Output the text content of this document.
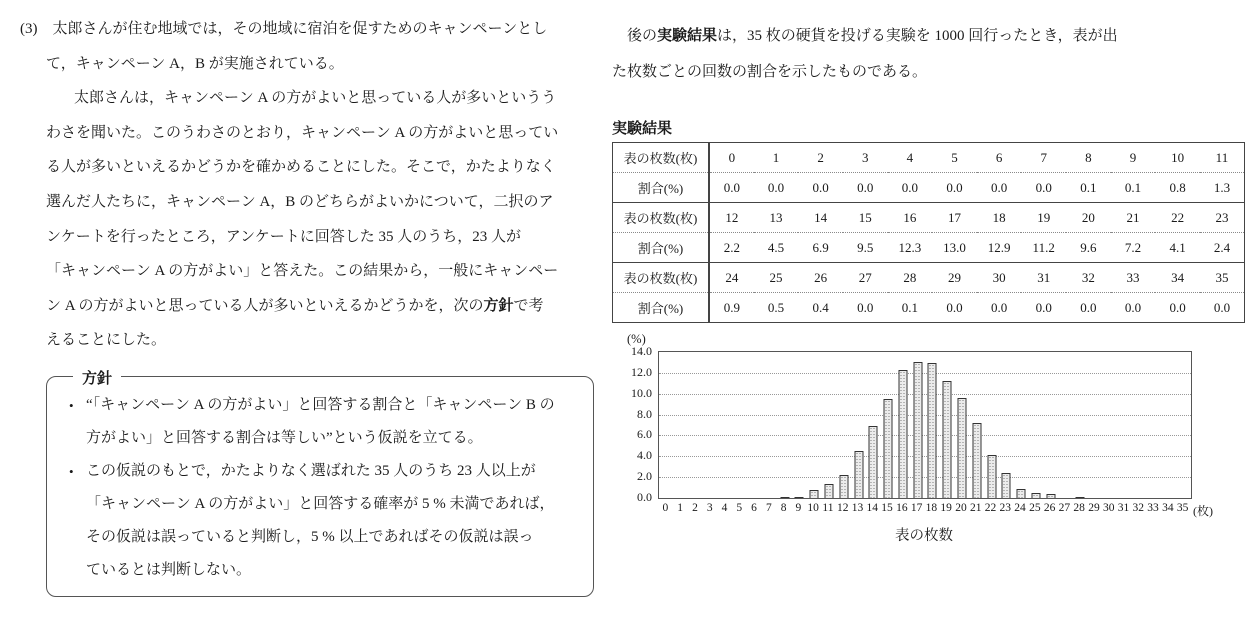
(3)　太郎さんが住む地域では，その地域に宿泊を促すためのキャンペーンとし
て，キャンペーン A，B が実施されている。
太郎さんは，キャンペーン A の方がよいと思っている人が多いというう
わさを聞いた。このうわさのとおり，キャンペーン A の方がよいと思ってい
る人が多いといえるかどうかを確かめることにした。そこで，かたよりなく
選んだ人たちに，キャンペーン A，B のどちらがよいかについて，二択のア
ンケートを行ったところ，アンケートに回答した 35 人のうち，23 人が
「キャンペーン A の方がよい」と答えた。この結果から，一般にキャンペー
ン A の方がよいと思っている人が多いといえるかどうかを，次の方針で考
えることにした。
方針
• “「キャンペーン A の方がよい」と回答する割合と「キャンペーン B の
方がよい」と回答する割合は等しい”という仮説を立てる。
• この仮説のもとで，かたよりなく選ばれた 35 人のうち 23 人以上が
「キャンペーン A の方がよい」と回答する確率が 5 % 未満であれば，
その仮説は誤っていると判断し，5 % 以上であればその仮説は誤っ
ているとは判断しない。
　後の実験結果は，35 枚の硬貨を投げる実験を 1000 回行ったとき，表が出
た枚数ごとの回数の割合を示したものである。
実験結果
表の枚数(枚)	0	1	2	3	4	5	6	7	8	9	10	11
割合(%)	0.0	0.0	0.0	0.0	0.0	0.0	0.0	0.0	0.1	0.1	0.8	1.3
表の枚数(枚)	12	13	14	15	16	17	18	19	20	21	22	23
割合(%)	2.2	4.5	6.9	9.5	12.3	13.0	12.9	11.2	9.6	7.2	4.1	2.4
表の枚数(枚)	24	25	26	27	28	29	30	31	32	33	34	35
割合(%)	0.9	0.5	0.4	0.0	0.1	0.0	0.0	0.0	0.0	0.0	0.0	0.0
(%)
14.0
12.0
10.0
8.0
6.0
4.0
2.0
0.0
0 1 2 3 4 5 6 7 8 9 10 11 12 13 14 15 16 17 18 19 20 21 22 23 24 25 26 27 28 29 30 31 32 33 34 35 (枚)
表の枚数
